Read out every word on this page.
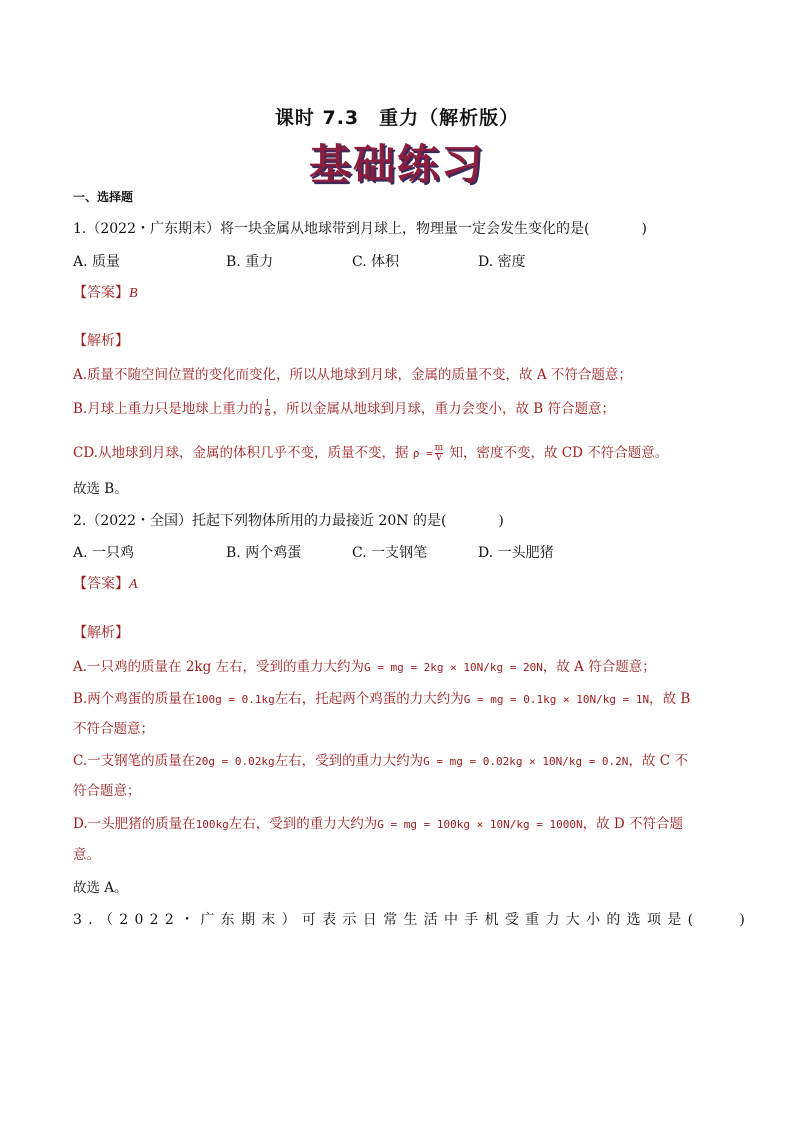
课时 7.3　重力（解析版）
基础练习
一、选择题
1.（2022・广东期末）将一块金属从地球带到月球上，物理量一定会发生变化的是(	)
A. 质量	B. 重力	C. 体积	D. 密度
【答案】B
【解析】
A.质量不随空间位置的变化而变化，所以从地球到月球，金属的质量不变，故 A 不符合题意；
B.月球上重力只是地球上重力的 $\frac{1}{6}$ ，所以金属从地球到月球，重力会变小，故 B 符合题意；
CD.从地球到月球，金属的体积几乎不变，质量不变，据 $\rho = \frac{m}{V}$ 知，密度不变，故 CD 不符合题意。
故选 B。
2.（2022・全国）托起下列物体所用的力最接近 20N 的是(	)
A. 一只鸡	B. 两个鸡蛋	C. 一支钢笔	D. 一头肥猪
【答案】A
【解析】
A.一只鸡的质量在 2kg 左右，受到的重力大约为G = mg = 2kg × 10N/kg = 20N，故 A 符合题意；
B.两个鸡蛋的质量在100g = 0.1kg左右，托起两个鸡蛋的力大约为G = mg = 0.1kg × 10N/kg = 1N，故 B
不符合题意；
C.一支钢笔的质量在20g = 0.02kg左右，受到的重力大约为G = mg = 0.02kg × 10N/kg = 0.2N，故 C 不
符合题意；
D.一头肥猪的质量在100kg左右，受到的重力大约为G = mg = 100kg × 10N/kg = 1000N，故 D 不符合题
意。
故选 A。
3.（2022・广东期末）可表示日常生活中手机受重力大小的选项是(	)
